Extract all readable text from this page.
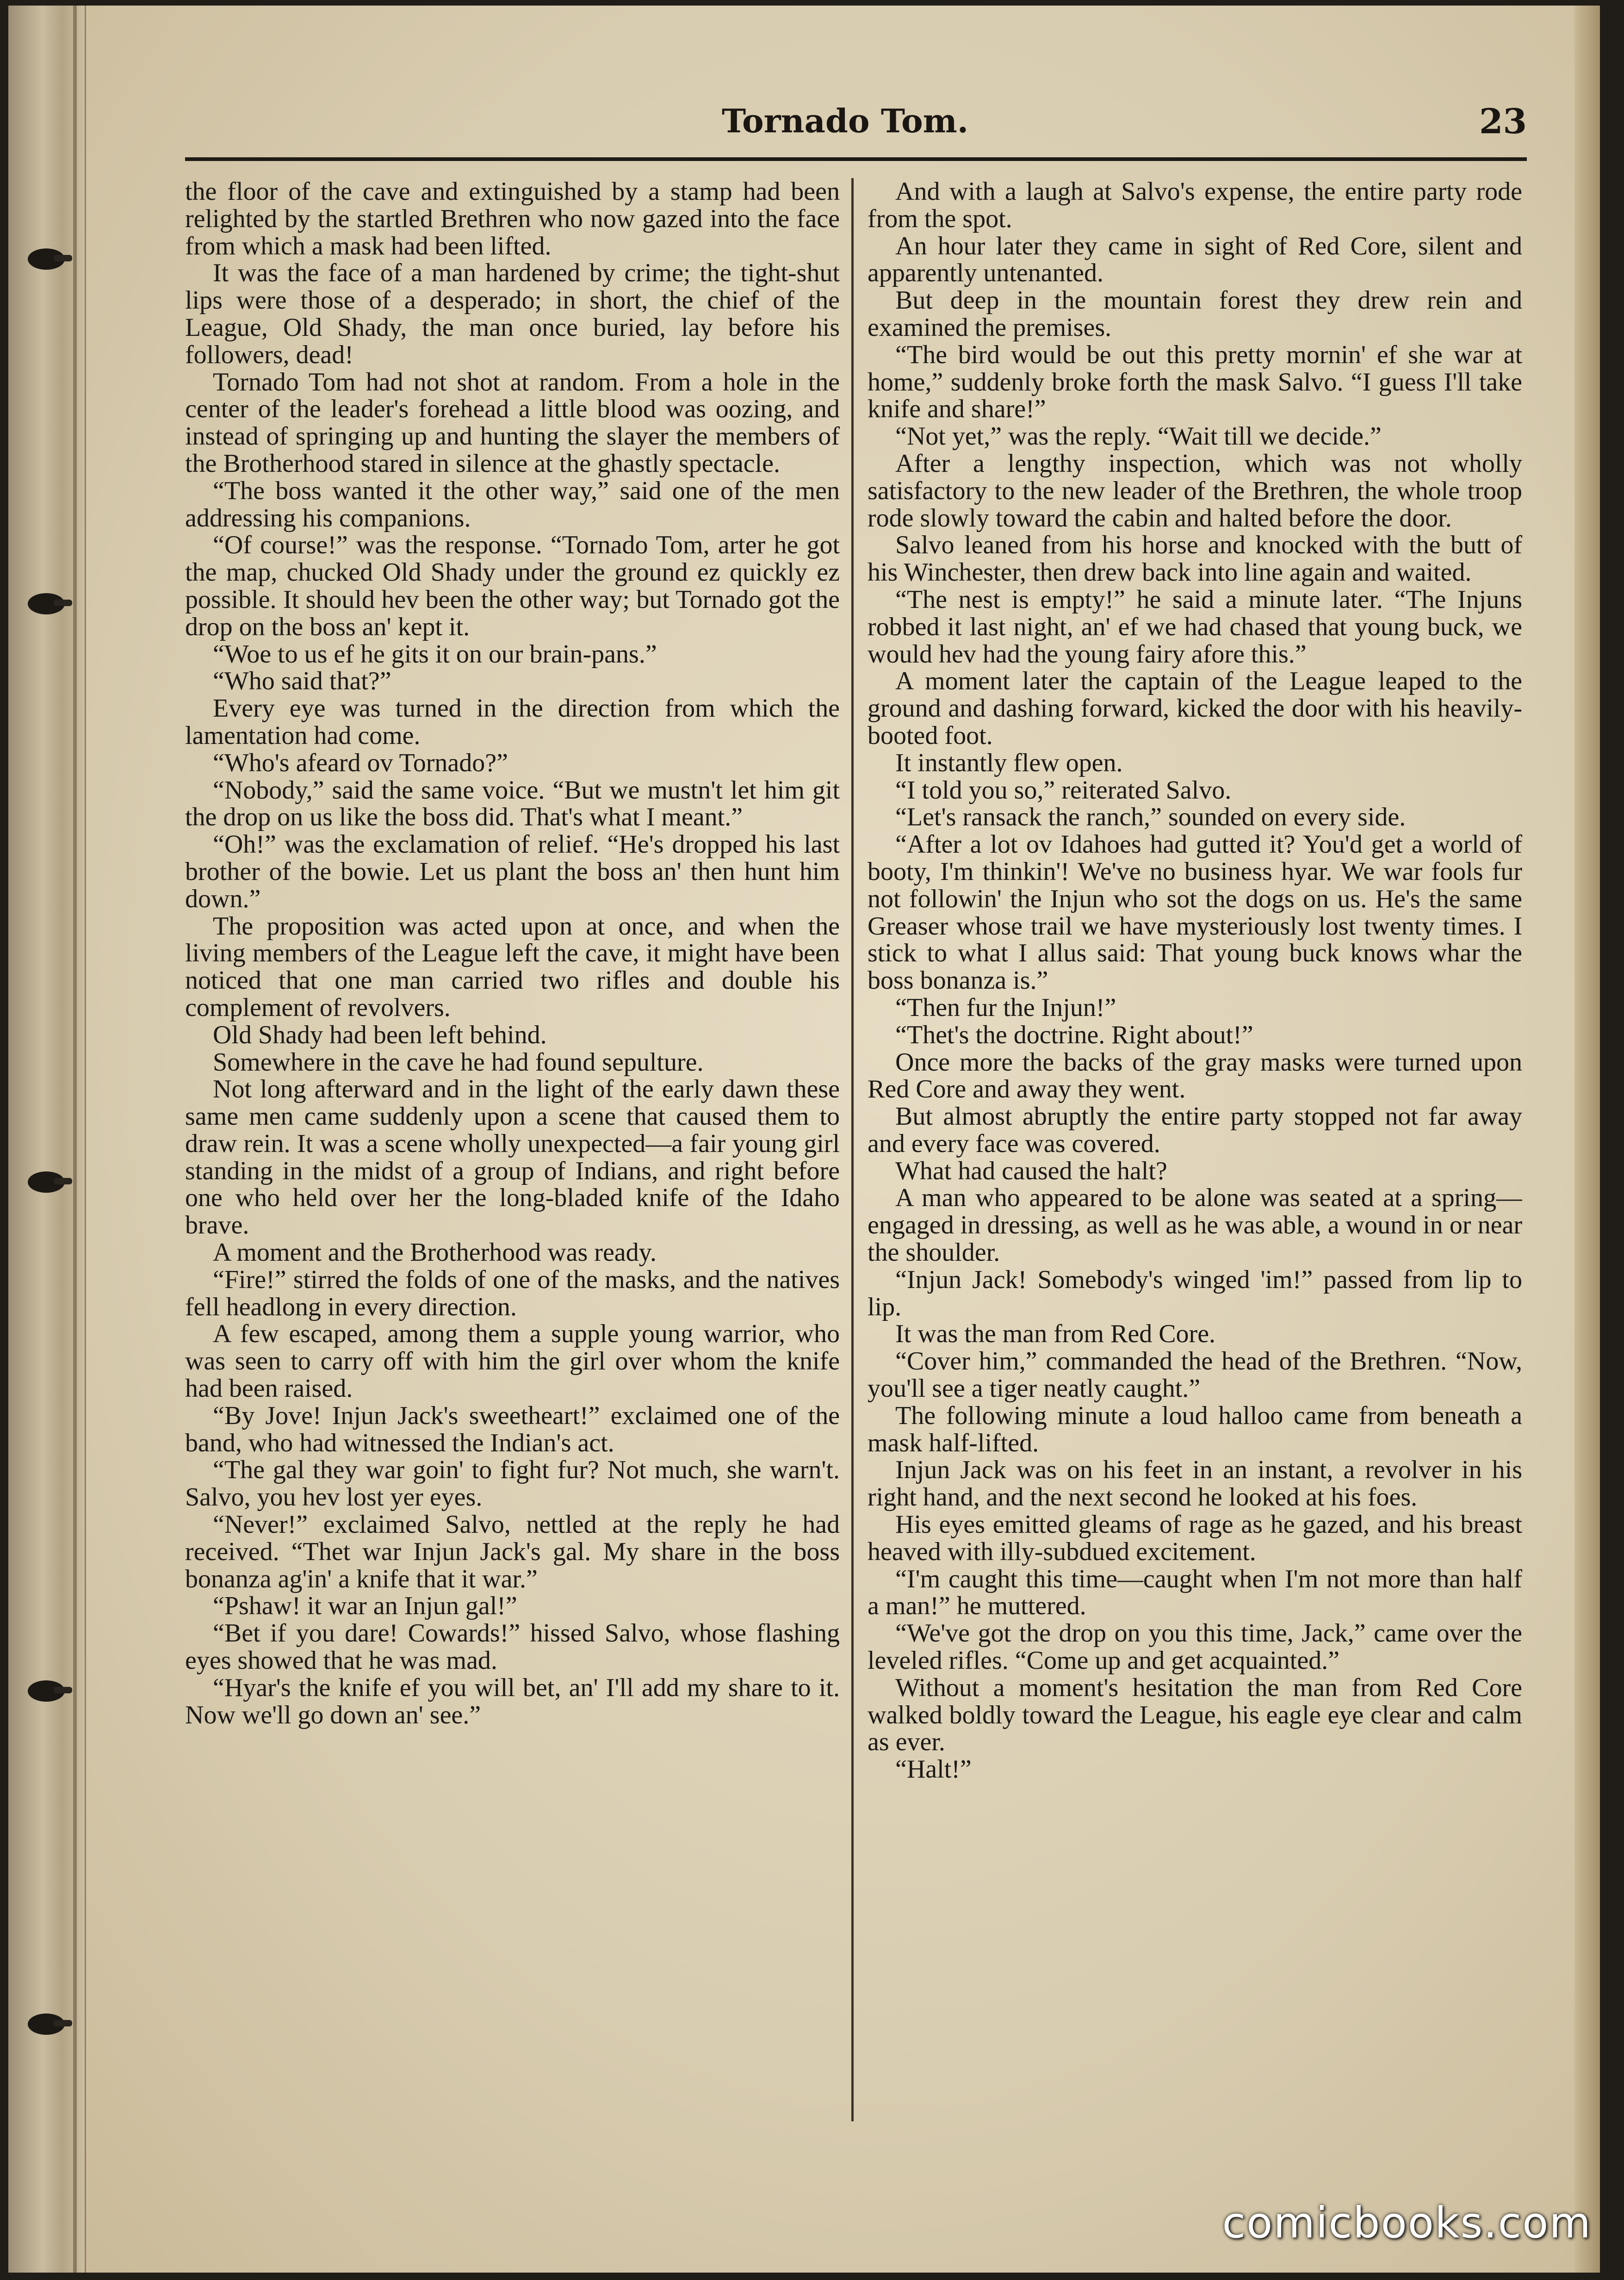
Tornado Tom.	23

the floor of the cave and extinguished by a stamp had been relighted by the startled Brethren who now gazed into the face from which a mask had been lifted.

It was the face of a man hardened by crime; the tight-shut lips were those of a desperado; in short, the chief of the League, Old Shady, the man once buried, lay before his followers, dead!

Tornado Tom had not shot at random. From a hole in the center of the leader's forehead a little blood was oozing, and instead of springing up and hunting the slayer the members of the Brotherhood stared in silence at the ghastly spectacle.

“The boss wanted it the other way,” said one of the men addressing his companions.

“Of course!” was the response. “Tornado Tom, arter he got the map, chucked Old Shady under the ground ez quickly ez possible. It should hev been the other way; but Tornado got the drop on the boss an' kept it.

“Woe to us ef he gits it on our brain-pans.”

“Who said that?”

Every eye was turned in the direction from which the lamentation had come.

“Who's afeard ov Tornado?”

“Nobody,” said the same voice. “But we mustn't let him git the drop on us like the boss did. That's what I meant.”

“Oh!” was the exclamation of relief. “He's dropped his last brother of the bowie. Let us plant the boss an' then hunt him down.”

The proposition was acted upon at once, and when the living members of the League left the cave, it might have been noticed that one man carried two rifles and double his complement of revolvers.

Old Shady had been left behind.

Somewhere in the cave he had found sepulture.

Not long afterward and in the light of the early dawn these same men came suddenly upon a scene that caused them to draw rein. It was a scene wholly unexpected—a fair young girl standing in the midst of a group of Indians, and right before one who held over her the long-bladed knife of the Idaho brave.

A moment and the Brotherhood was ready.

“Fire!” stirred the folds of one of the masks, and the natives fell headlong in every direction.

A few escaped, among them a supple young warrior, who was seen to carry off with him the girl over whom the knife had been raised.

“By Jove! Injun Jack's sweetheart!” exclaimed one of the band, who had witnessed the Indian's act.

“The gal they war goin' to fight fur? Not much, she warn't. Salvo, you hev lost yer eyes.

“Never!” exclaimed Salvo, nettled at the reply he had received. “Thet war Injun Jack's gal. My share in the boss bonanza ag'in' a knife that it war.”

“Pshaw! it war an Injun gal!”

“Bet if you dare! Cowards!” hissed Salvo, whose flashing eyes showed that he was mad.

“Hyar's the knife ef you will bet, an' I'll add my share to it. Now we'll go down an' see.”

And with a laugh at Salvo's expense, the entire party rode from the spot.

An hour later they came in sight of Red Core, silent and apparently untenanted.

But deep in the mountain forest they drew rein and examined the premises.

“The bird would be out this pretty mornin' ef she war at home,” suddenly broke forth the mask Salvo. “I guess I'll take knife and share!”

“Not yet,” was the reply. “Wait till we decide.”

After a lengthy inspection, which was not wholly satisfactory to the new leader of the Brethren, the whole troop rode slowly toward the cabin and halted before the door.

Salvo leaned from his horse and knocked with the butt of his Winchester, then drew back into line again and waited.

“The nest is empty!” he said a minute later. “The Injuns robbed it last night, an' ef we had chased that young buck, we would hev had the young fairy afore this.”

A moment later the captain of the League leaped to the ground and dashing forward, kicked the door with his heavily-booted foot.

It instantly flew open.

“I told you so,” reiterated Salvo.

“Let's ransack the ranch,” sounded on every side.

“After a lot ov Idahoes had gutted it? You'd get a world of booty, I'm thinkin'! We've no business hyar. We war fools fur not followin' the Injun who sot the dogs on us. He's the same Greaser whose trail we have mysteriously lost twenty times. I stick to what I allus said: That young buck knows whar the boss bonanza is.”

“Then fur the Injun!”

“Thet's the doctrine. Right about!”

Once more the backs of the gray masks were turned upon Red Core and away they went.

But almost abruptly the entire party stopped not far away and every face was covered.

What had caused the halt?

A man who appeared to be alone was seated at a spring—engaged in dressing, as well as he was able, a wound in or near the shoulder.

“Injun Jack! Somebody's winged 'im!” passed from lip to lip.

It was the man from Red Core.

“Cover him,” commanded the head of the Brethren. “Now, you'll see a tiger neatly caught.”

The following minute a loud halloo came from beneath a mask half-lifted.

Injun Jack was on his feet in an instant, a revolver in his right hand, and the next second he looked at his foes.

His eyes emitted gleams of rage as he gazed, and his breast heaved with illy-subdued excitement.

“I'm caught this time—caught when I'm not more than half a man!” he muttered.

“We've got the drop on you this time, Jack,” came over the leveled rifles. “Come up and get acquainted.”

Without a moment's hesitation the man from Red Core walked boldly toward the League, his eagle eye clear and calm as ever.

“Halt!”

comicbooks.com
